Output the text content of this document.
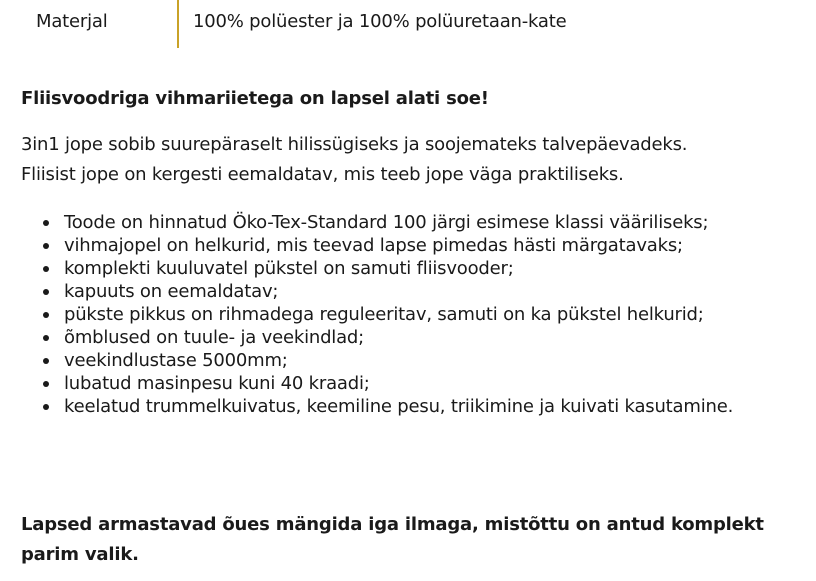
Materjal	100% polüester ja 100% polüuretaan-kate
Fliisvoodriga vihmariietega on lapsel alati soe!

3in1 jope sobib suurepäraselt hilissügiseks ja soojemateks talvepäevadeks.

Fliisist jope on kergesti eemaldatav, mis teeb jope väga praktiliseks.

Toode on hinnatud Öko-Tex-Standard 100 järgi esimese klassi vääriliseks;
vihmajopel on helkurid, mis teevad lapse pimedas hästi märgatavaks;
komplekti kuuluvatel pükstel on samuti fliisvooder;
kapuuts on eemaldatav;
pükste pikkus on rihmadega reguleeritav, samuti on ka pükstel helkurid;
õmblused on tuule- ja veekindlad;
veekindlustase 5000mm;
lubatud masinpesu kuni 40 kraadi;
keelatud trummelkuivatus, keemiline pesu, triikimine ja kuivati kasutamine.
Lapsed armastavad õues mängida iga ilmaga, mistõttu on antud komplekt parim valik.
